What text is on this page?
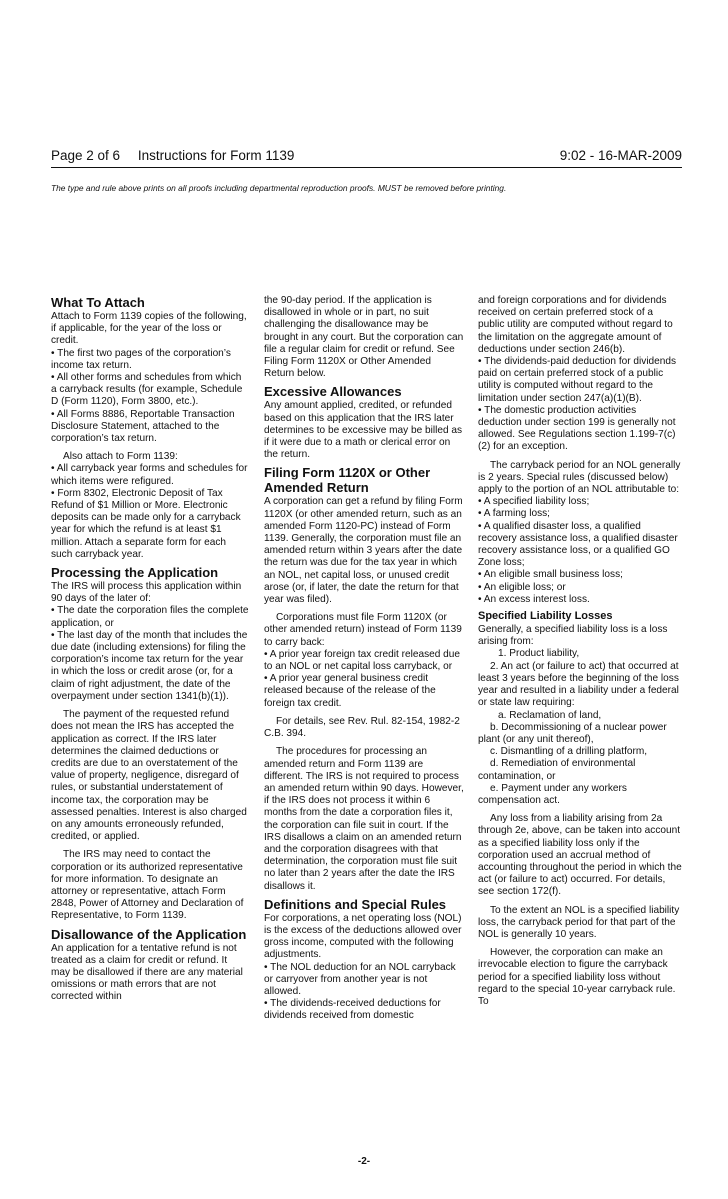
Page 2 of 6 Instructions for Form 1139	9:02 - 16-MAR-2009
The type and rule above prints on all proofs including departmental reproduction proofs. MUST be removed before printing.
What To Attach

Attach to Form 1139 copies of the following, if applicable, for the year of the loss or credit.

• The first two pages of the corporation’s income tax return.

• All other forms and schedules from which a carryback results (for example, Schedule D (Form 1120), Form 3800, etc.).

• All Forms 8886, Reportable Transaction Disclosure Statement, attached to the corporation’s tax return.

Also attach to Form 1139:

• All carryback year forms and schedules for which items were refigured.

• Form 8302, Electronic Deposit of Tax Refund of $1 Million or More. Electronic deposits can be made only for a carryback year for which the refund is at least $1 million. Attach a separate form for each such carryback year.

Processing the Application

The IRS will process this application within 90 days of the later of:

• The date the corporation files the complete application, or

• The last day of the month that includes the due date (including extensions) for filing the corporation’s income tax return for the year in which the loss or credit arose (or, for a claim of right adjustment, the date of the overpayment under section 1341(b)(1)).

The payment of the requested refund does not mean the IRS has accepted the application as correct. If the IRS later determines the claimed deductions or credits are due to an overstatement of the value of property, negligence, disregard of rules, or substantial understatement of income tax, the corporation may be assessed penalties. Interest is also charged on any amounts erroneously refunded, credited, or applied.

The IRS may need to contact the corporation or its authorized representative for more information. To designate an attorney or representative, attach Form 2848, Power of Attorney and Declaration of Representative, to Form 1139.

Disallowance of the Application

An application for a tentative refund is not treated as a claim for credit or refund. It may be disallowed if there are any material omissions or math errors that are not corrected within

the 90-day period. If the application is disallowed in whole or in part, no suit challenging the disallowance may be brought in any court. But the corporation can file a regular claim for credit or refund. See Filing Form 1120X or Other Amended Return below.

Excessive Allowances

Any amount applied, credited, or refunded based on this application that the IRS later determines to be excessive may be billed as if it were due to a math or clerical error on the return.

Filing Form 1120X or Other Amended Return

A corporation can get a refund by filing Form 1120X (or other amended return, such as an amended Form 1120-PC) instead of Form 1139. Generally, the corporation must file an amended return within 3 years after the date the return was due for the tax year in which an NOL, net capital loss, or unused credit arose (or, if later, the date the return for that year was filed).

Corporations must file Form 1120X (or other amended return) instead of Form 1139 to carry back:

• A prior year foreign tax credit released due to an NOL or net capital loss carryback, or

• A prior year general business credit released because of the release of the foreign tax credit.

For details, see Rev. Rul. 82-154, 1982-2 C.B. 394.

The procedures for processing an amended return and Form 1139 are different. The IRS is not required to process an amended return within 90 days. However, if the IRS does not process it within 6 months from the date a corporation files it, the corporation can file suit in court. If the IRS disallows a claim on an amended return and the corporation disagrees with that determination, the corporation must file suit no later than 2 years after the date the IRS disallows it.

Definitions and Special Rules

For corporations, a net operating loss (NOL) is the excess of the deductions allowed over gross income, computed with the following adjustments.

• The NOL deduction for an NOL carryback or carryover from another year is not allowed.

• The dividends-received deductions for dividends received from domestic

and foreign corporations and for dividends received on certain preferred stock of a public utility are computed without regard to the limitation on the aggregate amount of deductions under section 246(b).

• The dividends-paid deduction for dividends paid on certain preferred stock of a public utility is computed without regard to the limitation under section 247(a)(1)(B).

• The domestic production activities deduction under section 199 is generally not allowed. See Regulations section 1.199-7(c)(2) for an exception.

The carryback period for an NOL generally is 2 years. Special rules (discussed below) apply to the portion of an NOL attributable to:

• A specified liability loss;

• A farming loss;

• A qualified disaster loss, a qualified recovery assistance loss, a qualified disaster recovery assistance loss, or a qualified GO Zone loss;

• An eligible small business loss;

• An eligible loss; or

• An excess interest loss.

Specified Liability Losses

Generally, a specified liability loss is a loss arising from:

1. Product liability,

2. An act (or failure to act) that occurred at least 3 years before the beginning of the loss year and resulted in a liability under a federal or state law requiring:

a. Reclamation of land,

b. Decommissioning of a nuclear power plant (or any unit thereof),

c. Dismantling of a drilling platform,

d. Remediation of environmental contamination, or

e. Payment under any workers compensation act.

Any loss from a liability arising from 2a through 2e, above, can be taken into account as a specified liability loss only if the corporation used an accrual method of accounting throughout the period in which the act (or failure to act) occurred. For details, see section 172(f).

To the extent an NOL is a specified liability loss, the carryback period for that part of the NOL is generally 10 years.

However, the corporation can make an irrevocable election to figure the carryback period for a specified liability loss without regard to the special 10-year carryback rule. To

-2-
